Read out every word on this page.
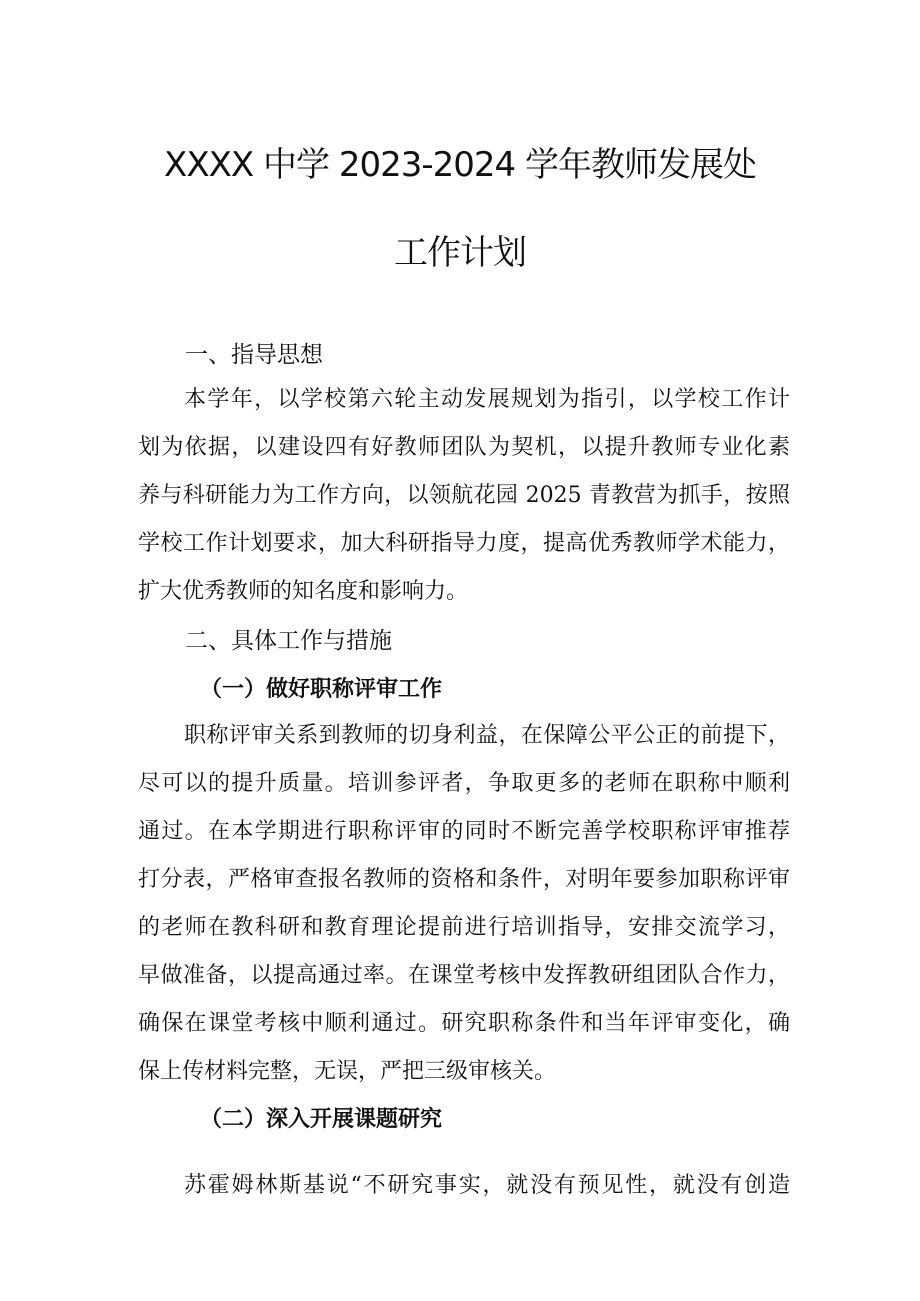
XXXX 中学 2023-2024 学年教师发展处
工作计划
一、指导思想
本学年，以学校第六轮主动发展规划为指引，以学校工作计
划为依据，以建设四有好教师团队为契机，以提升教师专业化素
养与科研能力为工作方向，以领航花园 2025 青教营为抓手，按照
学校工作计划要求，加大科研指导力度，提高优秀教师学术能力，
扩大优秀教师的知名度和影响力。
二、具体工作与措施
（一）做好职称评审工作
职称评审关系到教师的切身利益，在保障公平公正的前提下，
尽可以的提升质量。培训参评者，争取更多的老师在职称中顺利
通过。在本学期进行职称评审的同时不断完善学校职称评审推荐
打分表，严格审查报名教师的资格和条件，对明年要参加职称评审
的老师在教科研和教育理论提前进行培训指导，安排交流学习，
早做准备，以提高通过率。在课堂考核中发挥教研组团队合作力，
确保在课堂考核中顺利通过。研究职称条件和当年评审变化，确
保上传材料完整，无误，严把三级审核关。
（二）深入开展课题研究
苏霍姆林斯基说“不研究事实，就没有预见性，就没有创造
